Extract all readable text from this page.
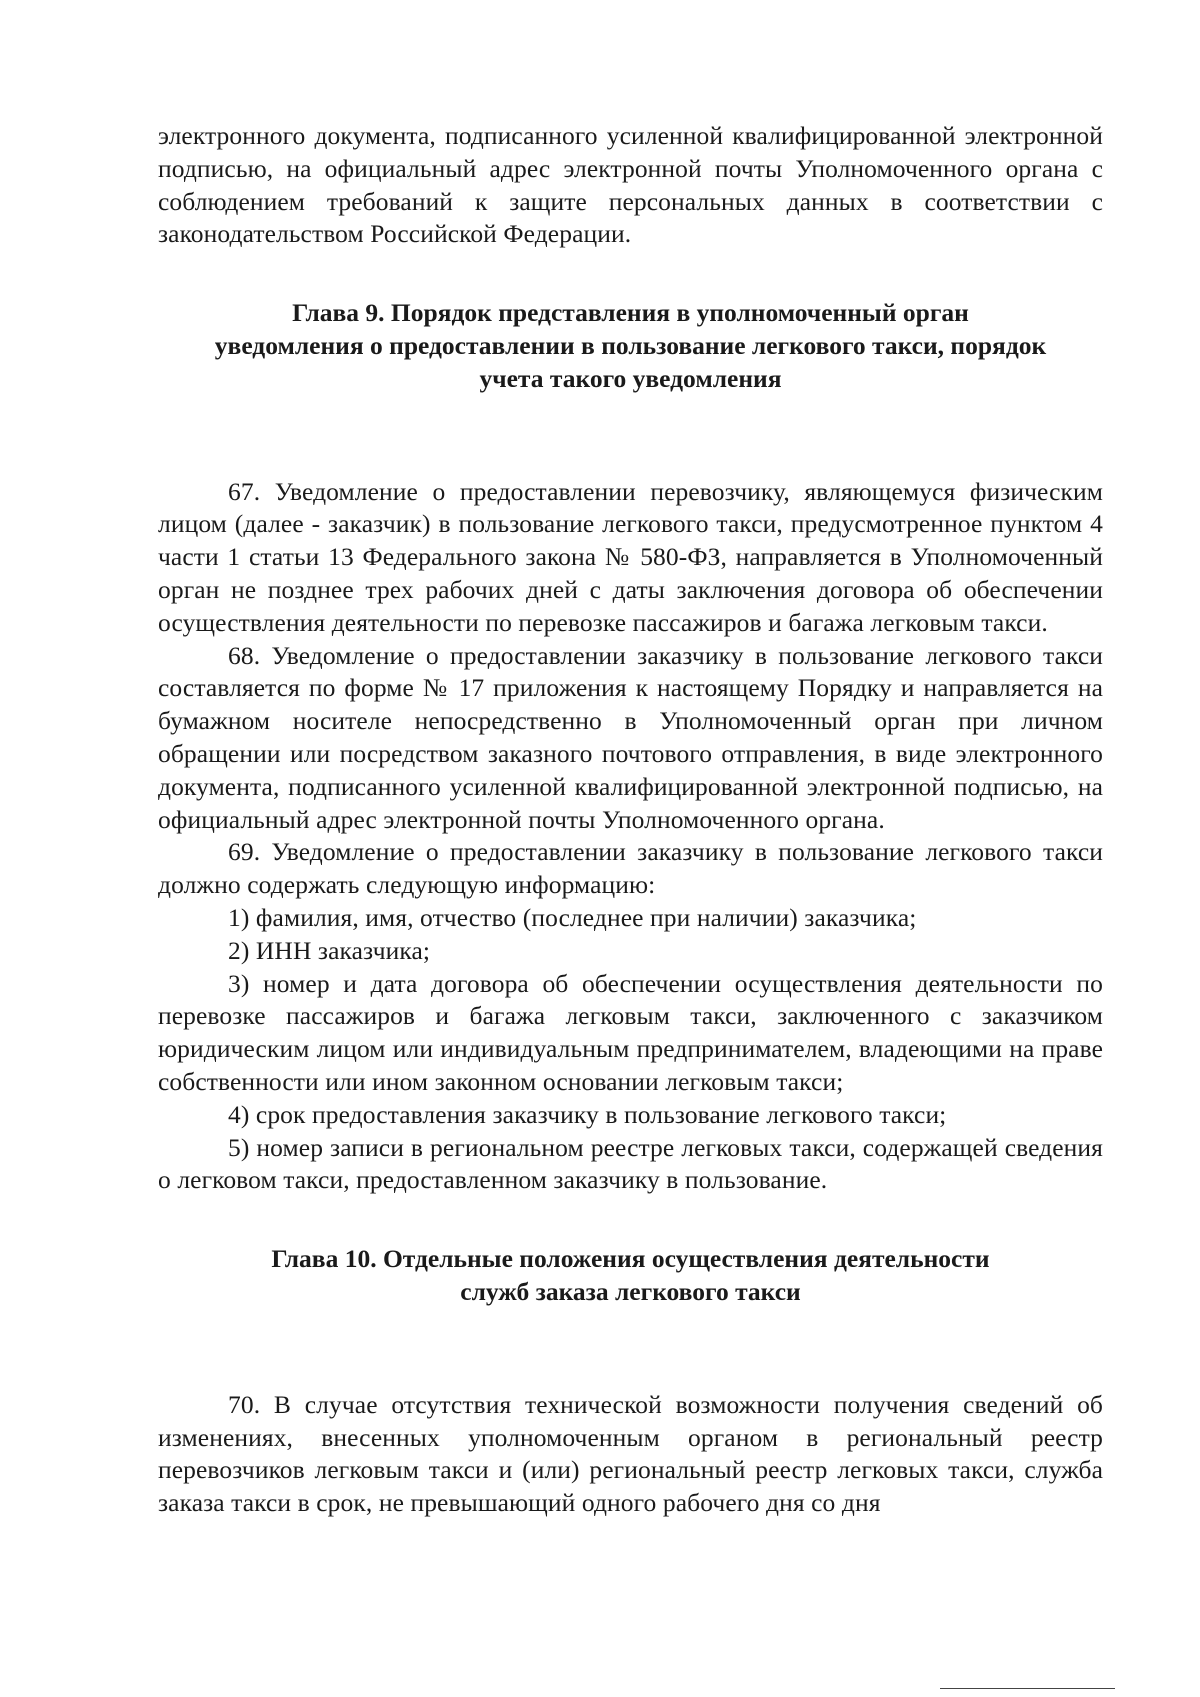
электронного документа, подписанного усиленной квалифицированной электронной подписью, на официальный адрес электронной почты Уполномоченного органа с соблюдением требований к защите персональных данных в соответствии с законодательством Российской Федерации.

Глава 9. Порядок представления в уполномоченный орган
уведомления о предоставлении в пользование легкового такси, порядок
учета такого уведомления

67. Уведомление о предоставлении перевозчику, являющемуся физическим лицом (далее - заказчик) в пользование легкового такси, предусмотренное пунктом 4 части 1 статьи 13 Федерального закона № 580-ФЗ, направляется в Уполномоченный орган не позднее трех рабочих дней с даты заключения договора об обеспечении осуществления деятельности по перевозке пассажиров и багажа легковым такси.

68. Уведомление о предоставлении заказчику в пользование легкового такси составляется по форме № 17 приложения к настоящему Порядку и направляется на бумажном носителе непосредственно в Уполномоченный орган при личном обращении или посредством заказного почтового отправления, в виде электронного документа, подписанного усиленной квалифицированной электронной подписью, на официальный адрес электронной почты Уполномоченного органа.

69. Уведомление о предоставлении заказчику в пользование легкового такси должно содержать следующую информацию:

1) фамилия, имя, отчество (последнее при наличии) заказчика;

2) ИНН заказчика;

3) номер и дата договора об обеспечении осуществления деятельности по перевозке пассажиров и багажа легковым такси, заключенного с заказчиком юридическим лицом или индивидуальным предпринимателем, владеющими на праве собственности или ином законном основании легковым такси;

4) срок предоставления заказчику в пользование легкового такси;

5) номер записи в региональном реестре легковых такси, содержащей сведения о легковом такси, предоставленном заказчику в пользование.

Глава 10. Отдельные положения осуществления деятельности
служб заказа легкового такси

70. В случае отсутствия технической возможности получения сведений об изменениях, внесенных уполномоченным органом в региональный реестр перевозчиков легковым такси и (или) региональный реестр легковых такси, служба заказа такси в срок, не превышающий одного рабочего дня со дня
